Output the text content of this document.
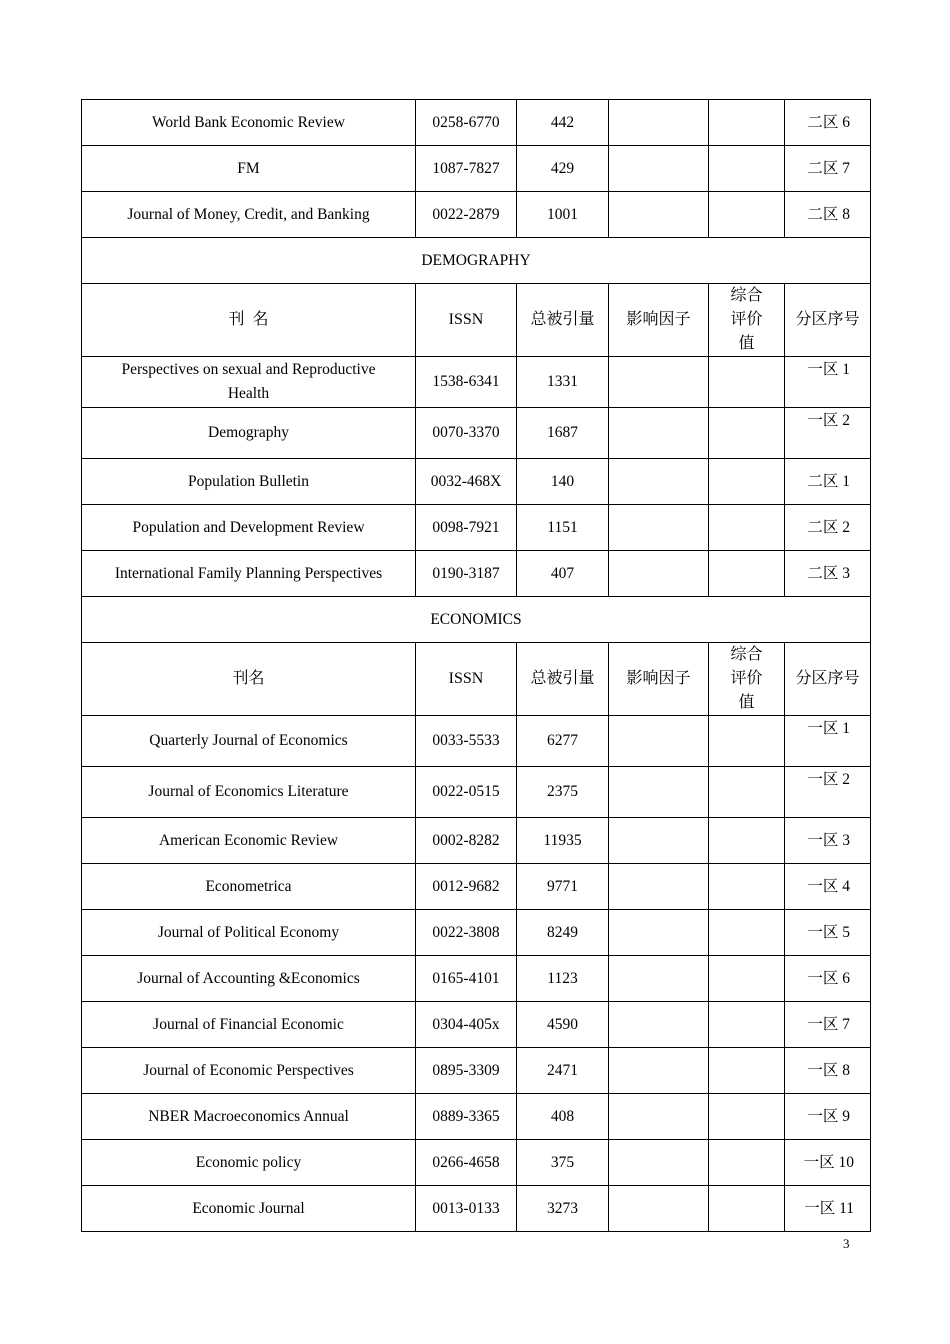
World Bank Economic Review	0258-6770	442			二区 6
FM	1087-7827	429			二区 7
Journal of Money, Credit, and Banking	0022-2879	1001			二区 8
DEMOGRAPHY					
刊  名	ISSN	总被引量	影响因子	综合评价值	分区序号
Perspectives on sexual and Reproductive Health	1538-6341	1331			一区 1
Demography	0070-3370	1687			一区 2
Population Bulletin	0032-468X	140			二区 1
Population and Development Review	0098-7921	1151			二区 2
International Family Planning Perspectives	0190-3187	407			二区 3
ECONOMICS					
刊名	ISSN	总被引量	影响因子	综合评价值	分区序号
Quarterly Journal of Economics	0033-5533	6277			一区 1
Journal of Economics Literature	0022-0515	2375			一区 2
American Economic Review	0002-8282	11935			一区 3
Econometrica	0012-9682	9771			一区 4
Journal of Political Economy	0022-3808	8249			一区 5
Journal of Accounting &Economics	0165-4101	1123			一区 6
Journal of Financial Economic	0304-405x	4590			一区 7
Journal of Economic Perspectives	0895-3309	2471			一区 8
NBER Macroeconomics Annual	0889-3365	408			一区 9
Economic policy	0266-4658	375			一区 10
Economic Journal	0013-0133	3273			一区 11
3
